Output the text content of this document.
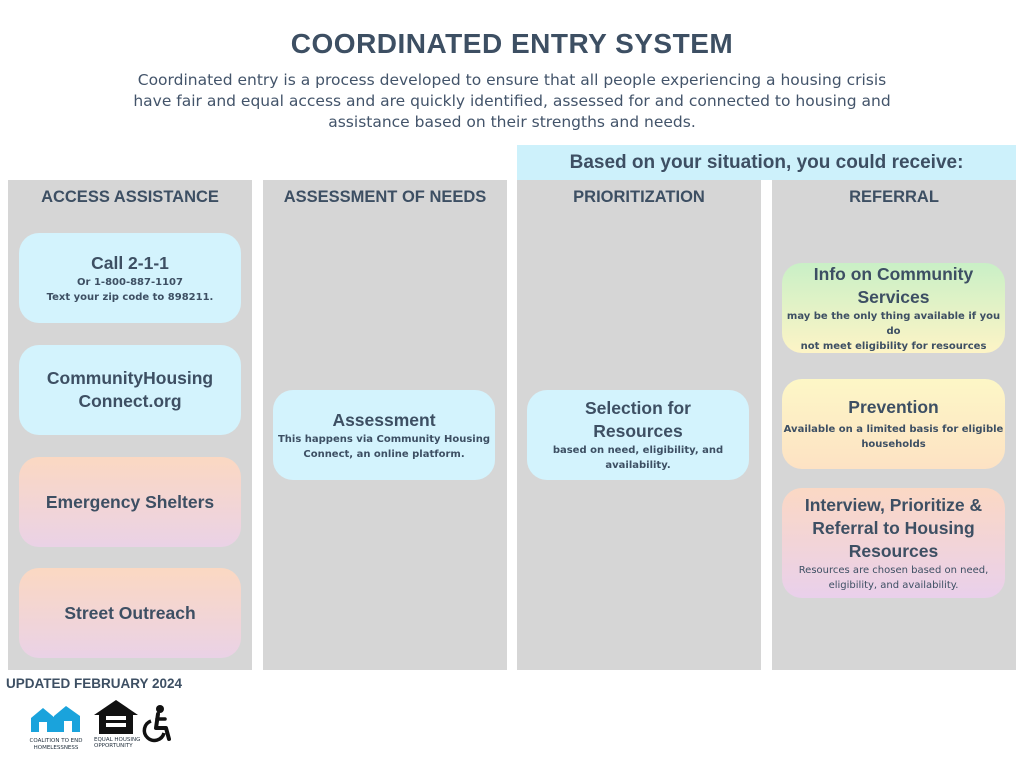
COORDINATED ENTRY SYSTEM
Coordinated entry is a process developed to ensure that all people experiencing a housing crisis
have fair and equal access and are quickly identified, assessed for and connected to housing and
assistance based on their strengths and needs.
Based on your situation, you could receive:
ACCESS ASSISTANCE
Call 2-1-1
Or 1-800-887-1107
Text your zip code to 898211.
CommunityHousing
Connect.org
Emergency Shelters
Street Outreach
ASSESSMENT OF NEEDS
Assessment
This happens via Community Housing
Connect, an online platform.
PRIORITIZATION
Selection for
Resources
based on need, eligibility, and availability.
REFERRAL
Info on Community
Services
may be the only thing available if you do
not meet eligibility for resources
Prevention
Available on a limited basis for eligible
households
Interview, Prioritize &
Referral to Housing
Resources
Resources are chosen based on need,
eligibility, and availability.
UPDATED FEBRUARY 2024
COALITION TO END
HOMELESSNESS
EQUAL HOUSING
OPPORTUNITY
